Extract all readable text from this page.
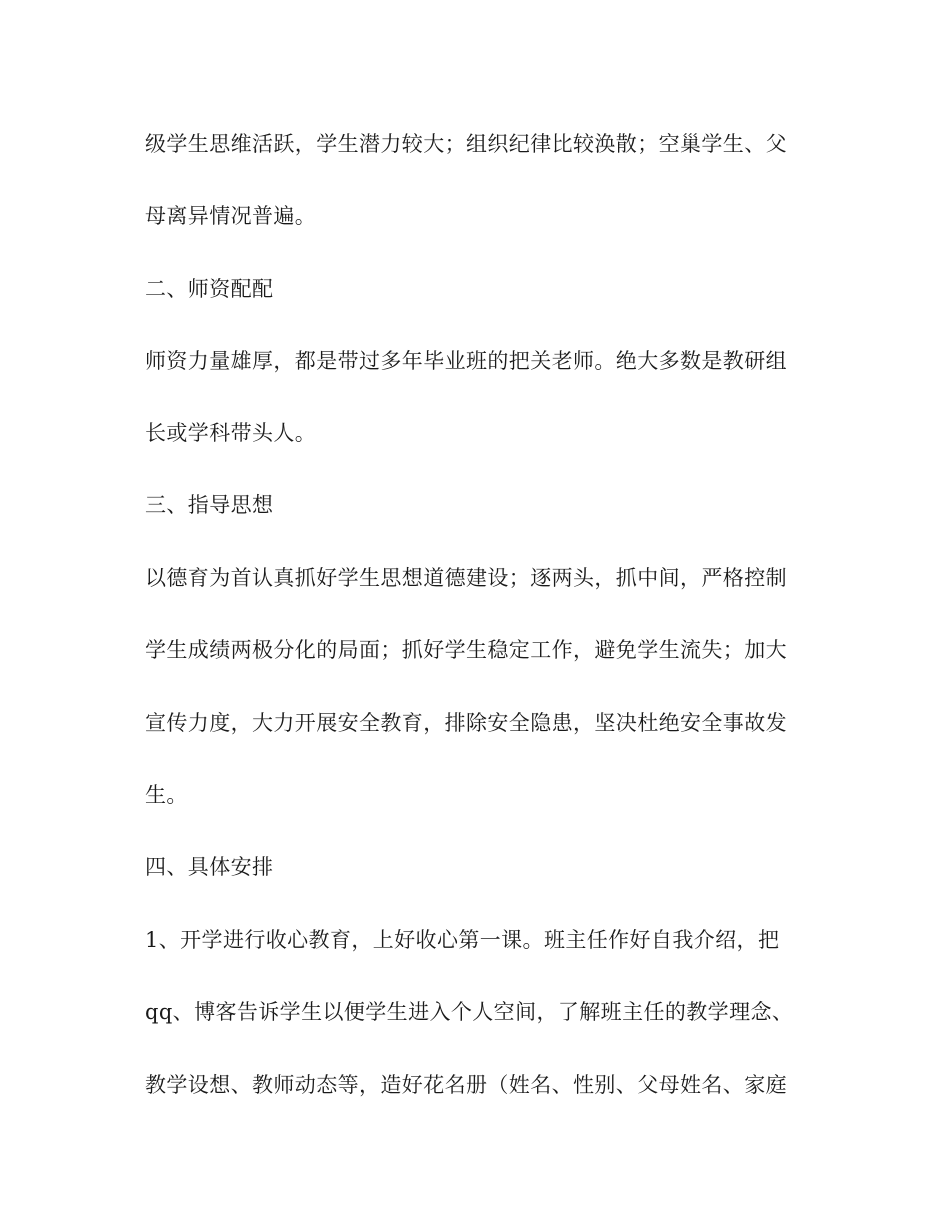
级学生思维活跃，学生潜力较大；组织纪律比较涣散；空巢学生、父
母离异情况普遍。
二、师资配配
师资力量雄厚，都是带过多年毕业班的把关老师。绝大多数是教研组
长或学科带头人。
三、指导思想
以德育为首认真抓好学生思想道德建设；逐两头，抓中间，严格控制
学生成绩两极分化的局面；抓好学生稳定工作，避免学生流失；加大
宣传力度，大力开展安全教育，排除安全隐患，坚决杜绝安全事故发
生。
四、具体安排
1、开学进行收心教育，上好收心第一课。班主任作好自我介绍，把
qq、博客告诉学生以便学生进入个人空间，了解班主任的教学理念、
教学设想、教师动态等，造好花名册（姓名、性别、父母姓名、家庭
